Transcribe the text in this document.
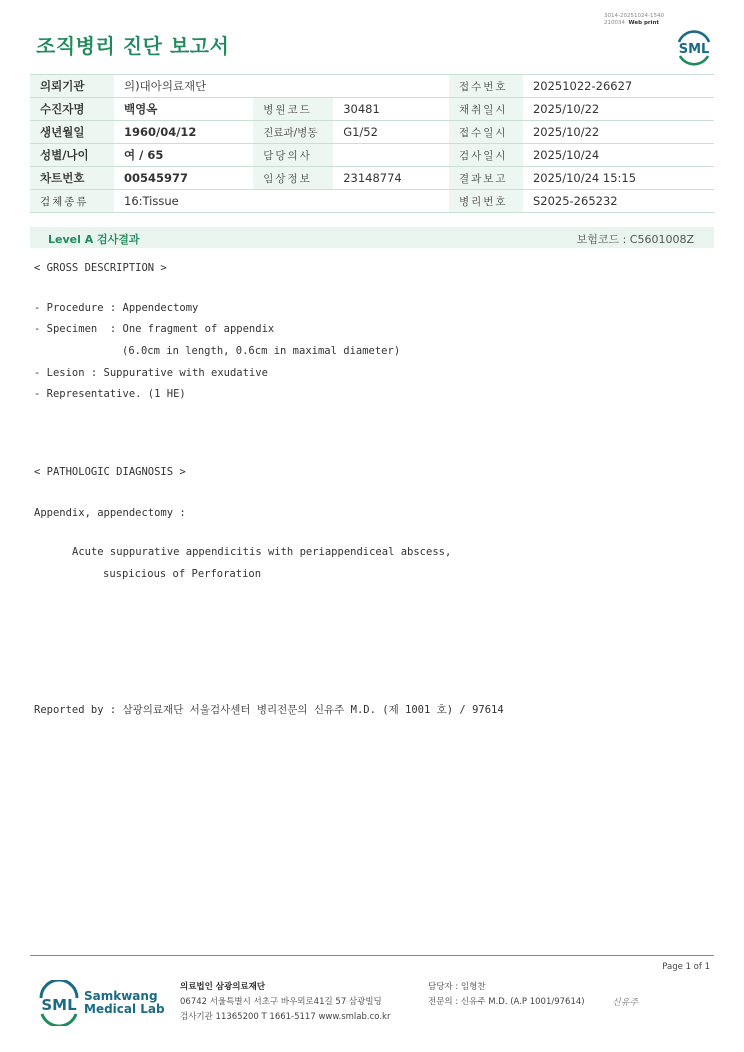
3014-20251024-1540
210034 Web print
조직병리 진단 보고서	SML
의뢰기관	의)대아의료재단			접수번호	20251022-26627
수진자명	백영옥	병원코드	30481	채취일시	2025/10/22
생년월일	1960/04/12	진료과/병동	G1/52	접수일시	2025/10/22
성별/나이	여 / 65	담당의사		검사일시	2025/10/24
차트번호	00545977	임상정보	23148774	결과보고	2025/10/24 15:15
검체종류	16:Tissue			병리번호	S2025-265232
Level A 검사결과	보험코드 : C5601008Z
< GROSS DESCRIPTION >
- Procedure : Appendectomy
- Specimen  : One fragment of appendix
(6.0cm in length, 0.6cm in maximal diameter)
- Lesion : Suppurative with exudative
- Representative. (1 HE)
< PATHOLOGIC DIAGNOSIS >
Appendix, appendectomy :
Acute suppurative appendicitis with periappendiceal abscess,
suspicious of Perforation
Reported by : 삼광의료재단 서울검사센터 병리전문의 신유주 M.D. (제 1001 호) / 97614
Page 1 of 1
SML Samkwang
Medical Lab
의료법인 삼광의료재단
06742 서울특별시 서초구 바우뫼로41길 57 삼광빌딩
검사기관 11365200 T 1661-5117 www.smlab.co.kr
담당자 : 임형찬
전문의 : 신유주 M.D. (A.P 1001/97614)	신유주
